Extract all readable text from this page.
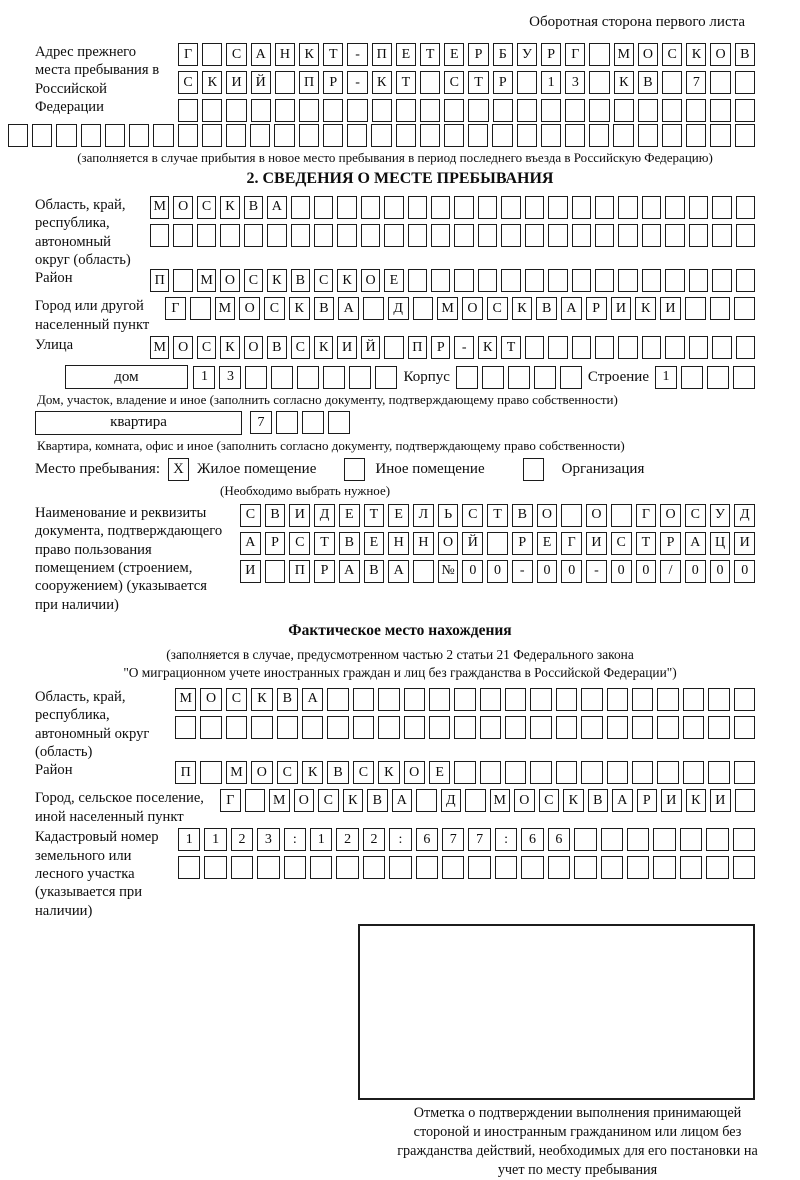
Оборотная сторона первого листа
Адрес прежнего места пребывания в Российской Федерации
Г	С	А	Н	К	Т	-	П	Е	Т	Е	Р	Б	У	Р	Г	М О	С	К	О	В
С	К	И	Й	П	Р	-	К	Т	С	Т	Р	1	3	К	В	7
(заполняется в случае прибытия в новое место пребывания в период последнего въезда в Российскую Федерацию)
2. СВЕДЕНИЯ О МЕСТЕ ПРЕБЫВАНИЯ
Область, край, республика, автономный округ (область)
М О С	К	В А
Район	П	М О С	К	В	С	К О	Е
Город или другой населенный пункт
Г	М О	С	К	В	А	Д	М О	С	К	В	А	Р	И	К	И
Улица	М О С	К О В	С	К И Й	П	Р	-	К	Т
дом	1	3	Корпус	Строение 1
Дом, участок, владение и иное (заполнить согласно документу, подтверждающему право собственности)
квартира	7
Квартира, комната, офис и иное (заполнить согласно документу, подтверждающему право собственности)
Место пребывания: X Жилое помещение	Иное помещение	Организация
(Необходимо выбрать нужное)
Наименование и реквизиты документа, подтверждающего право пользования помещением (строением, сооружением) (указывается при наличии)
С	В	И	Д	Е	Т	Е	Л	Ь	С	Т	В	О	О	Г	О	С	У	Д
А	Р	С	Т	В	Е	Н	Н	О	Й	Р	Е	Г	И	С	Т	Р	А	Ц	И
И	П	Р	А	В	А	№	0	0	-	0	0	-	0	0	/	0	0	0
Фактическое место нахождения
(заполняется в случае, предусмотренном частью 2 статьи 21 Федерального закона
"О миграционном учете иностранных граждан и лиц без гражданства в Российской Федерации")
Область, край, республика, автономный округ (область)
М	О	С	К	В	А
Район	П	М	О	С	К	В	С	К	О	Е
Город, сельское поселение, иной населенный пункт
Г	М О	С	К	В	А	Д	М О	С	К	В	А	Р	И	К	И
Кадастровый номер земельного или лесного участка (указывается при наличии)
1	1	2	3	:	1	2	2	:	6	7	7	:	6	6
Отметка о подтверждении выполнения принимающей стороной и иностранным гражданином или лицом без гражданства действий, необходимых для его постановки на учет по месту пребывания
